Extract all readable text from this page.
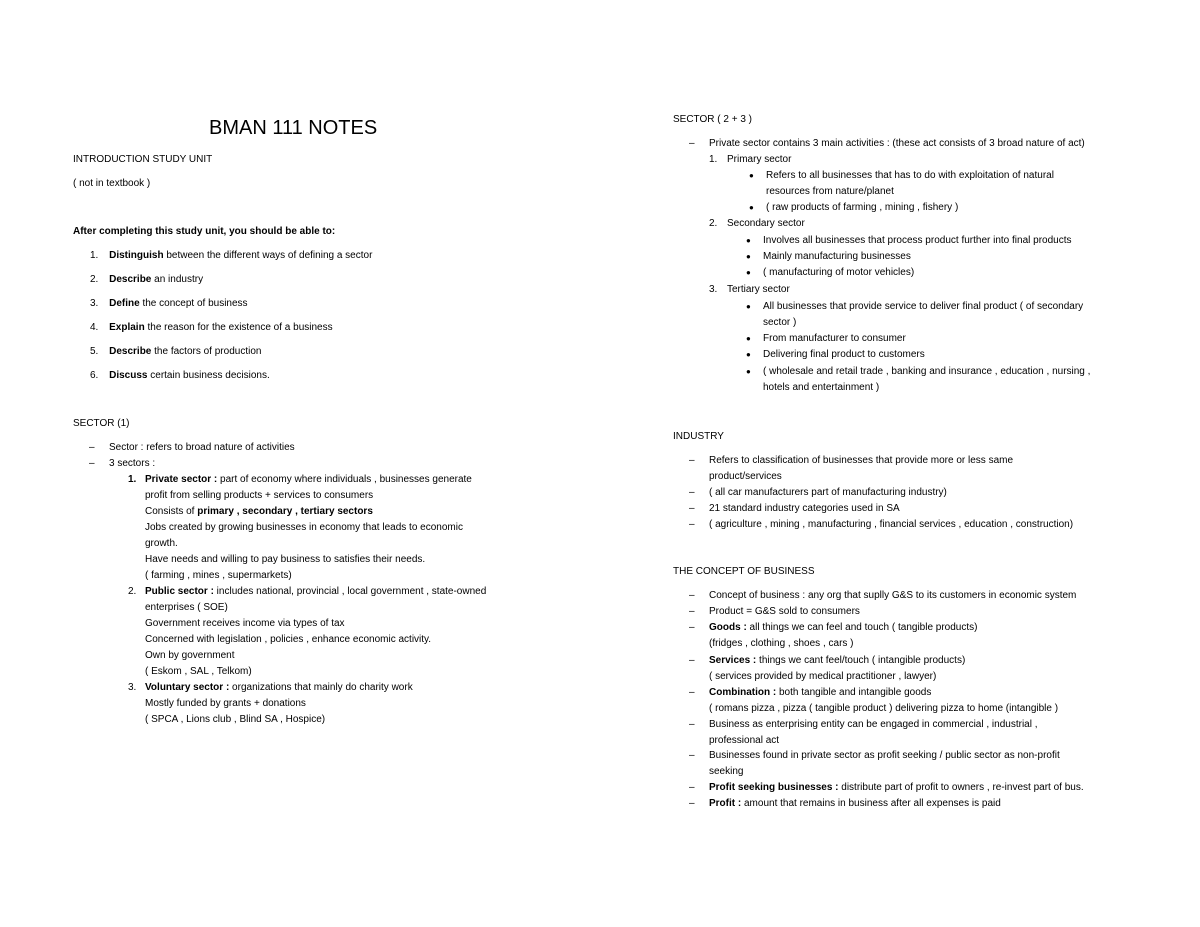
BMAN 111 NOTES
INTRODUCTION STUDY UNIT
( not in textbook )
After completing this study unit, you should be able to:
1. Distinguish between the different ways of defining a sector
2. Describe an industry
3. Define the concept of business
4. Explain the reason for the existence of a business
5. Describe the factors of production
6. Discuss certain business decisions.
SECTOR (1)
– Sector : refers to broad nature of activities
– 3 sectors :
1. Private sector : part of economy where individuals , businesses generate
profit from selling products + services to consumers
Consists of primary , secondary , tertiary sectors
Jobs created by growing businesses in economy that leads to economic
growth.
Have needs and willing to pay business to satisfies their needs.
( farming , mines , supermarkets)
2. Public sector : includes national, provincial , local government , state-owned
enterprises ( SOE)
Government receives income via types of tax
Concerned with legislation , policies , enhance economic activity.
Own by government
( Eskom , SAL , Telkom)
3. Voluntary sector : organizations that mainly do charity work
Mostly funded by grants + donations
( SPCA , Lions club , Blind SA , Hospice)
SECTOR ( 2 + 3 )
– Private sector contains 3 main activities : (these act consists of 3 broad nature of act)
1. Primary sector
● Refers to all businesses that has to do with exploitation of natural
resources from nature/planet
● ( raw products of farming , mining , fishery )
2. Secondary sector
● Involves all businesses that process product further into final products
● Mainly manufacturing businesses
● ( manufacturing of motor vehicles)
3. Tertiary sector
● All businesses that provide service to deliver final product ( of secondary
sector )
● From manufacturer to consumer
● Delivering final product to customers
● ( wholesale and retail trade , banking and insurance , education , nursing ,
hotels and entertainment )
INDUSTRY
– Refers to classification of businesses that provide more or less same
product/services
– ( all car manufacturers part of manufacturing industry)
– 21 standard industry categories used in SA
– ( agriculture , mining , manufacturing , financial services , education , construction)
THE CONCEPT OF BUSINESS
– Concept of business : any org that suplly G&S to its customers in economic system
– Product = G&S sold to consumers
– Goods : all things we can feel and touch ( tangible products)
(fridges , clothing , shoes , cars )
– Services : things we cant feel/touch ( intangible products)
( services provided by medical practitioner , lawyer)
– Combination : both tangible and intangible goods
( romans pizza , pizza ( tangible product ) delivering pizza to home (intangible )
– Business as enterprising entity can be engaged in commercial , industrial ,
professional act
– Businesses found in private sector as profit seeking / public sector as non-profit
seeking
– Profit seeking businesses : distribute part of profit to owners , re-invest part of bus.
– Profit : amount that remains in business after all expenses is paid
